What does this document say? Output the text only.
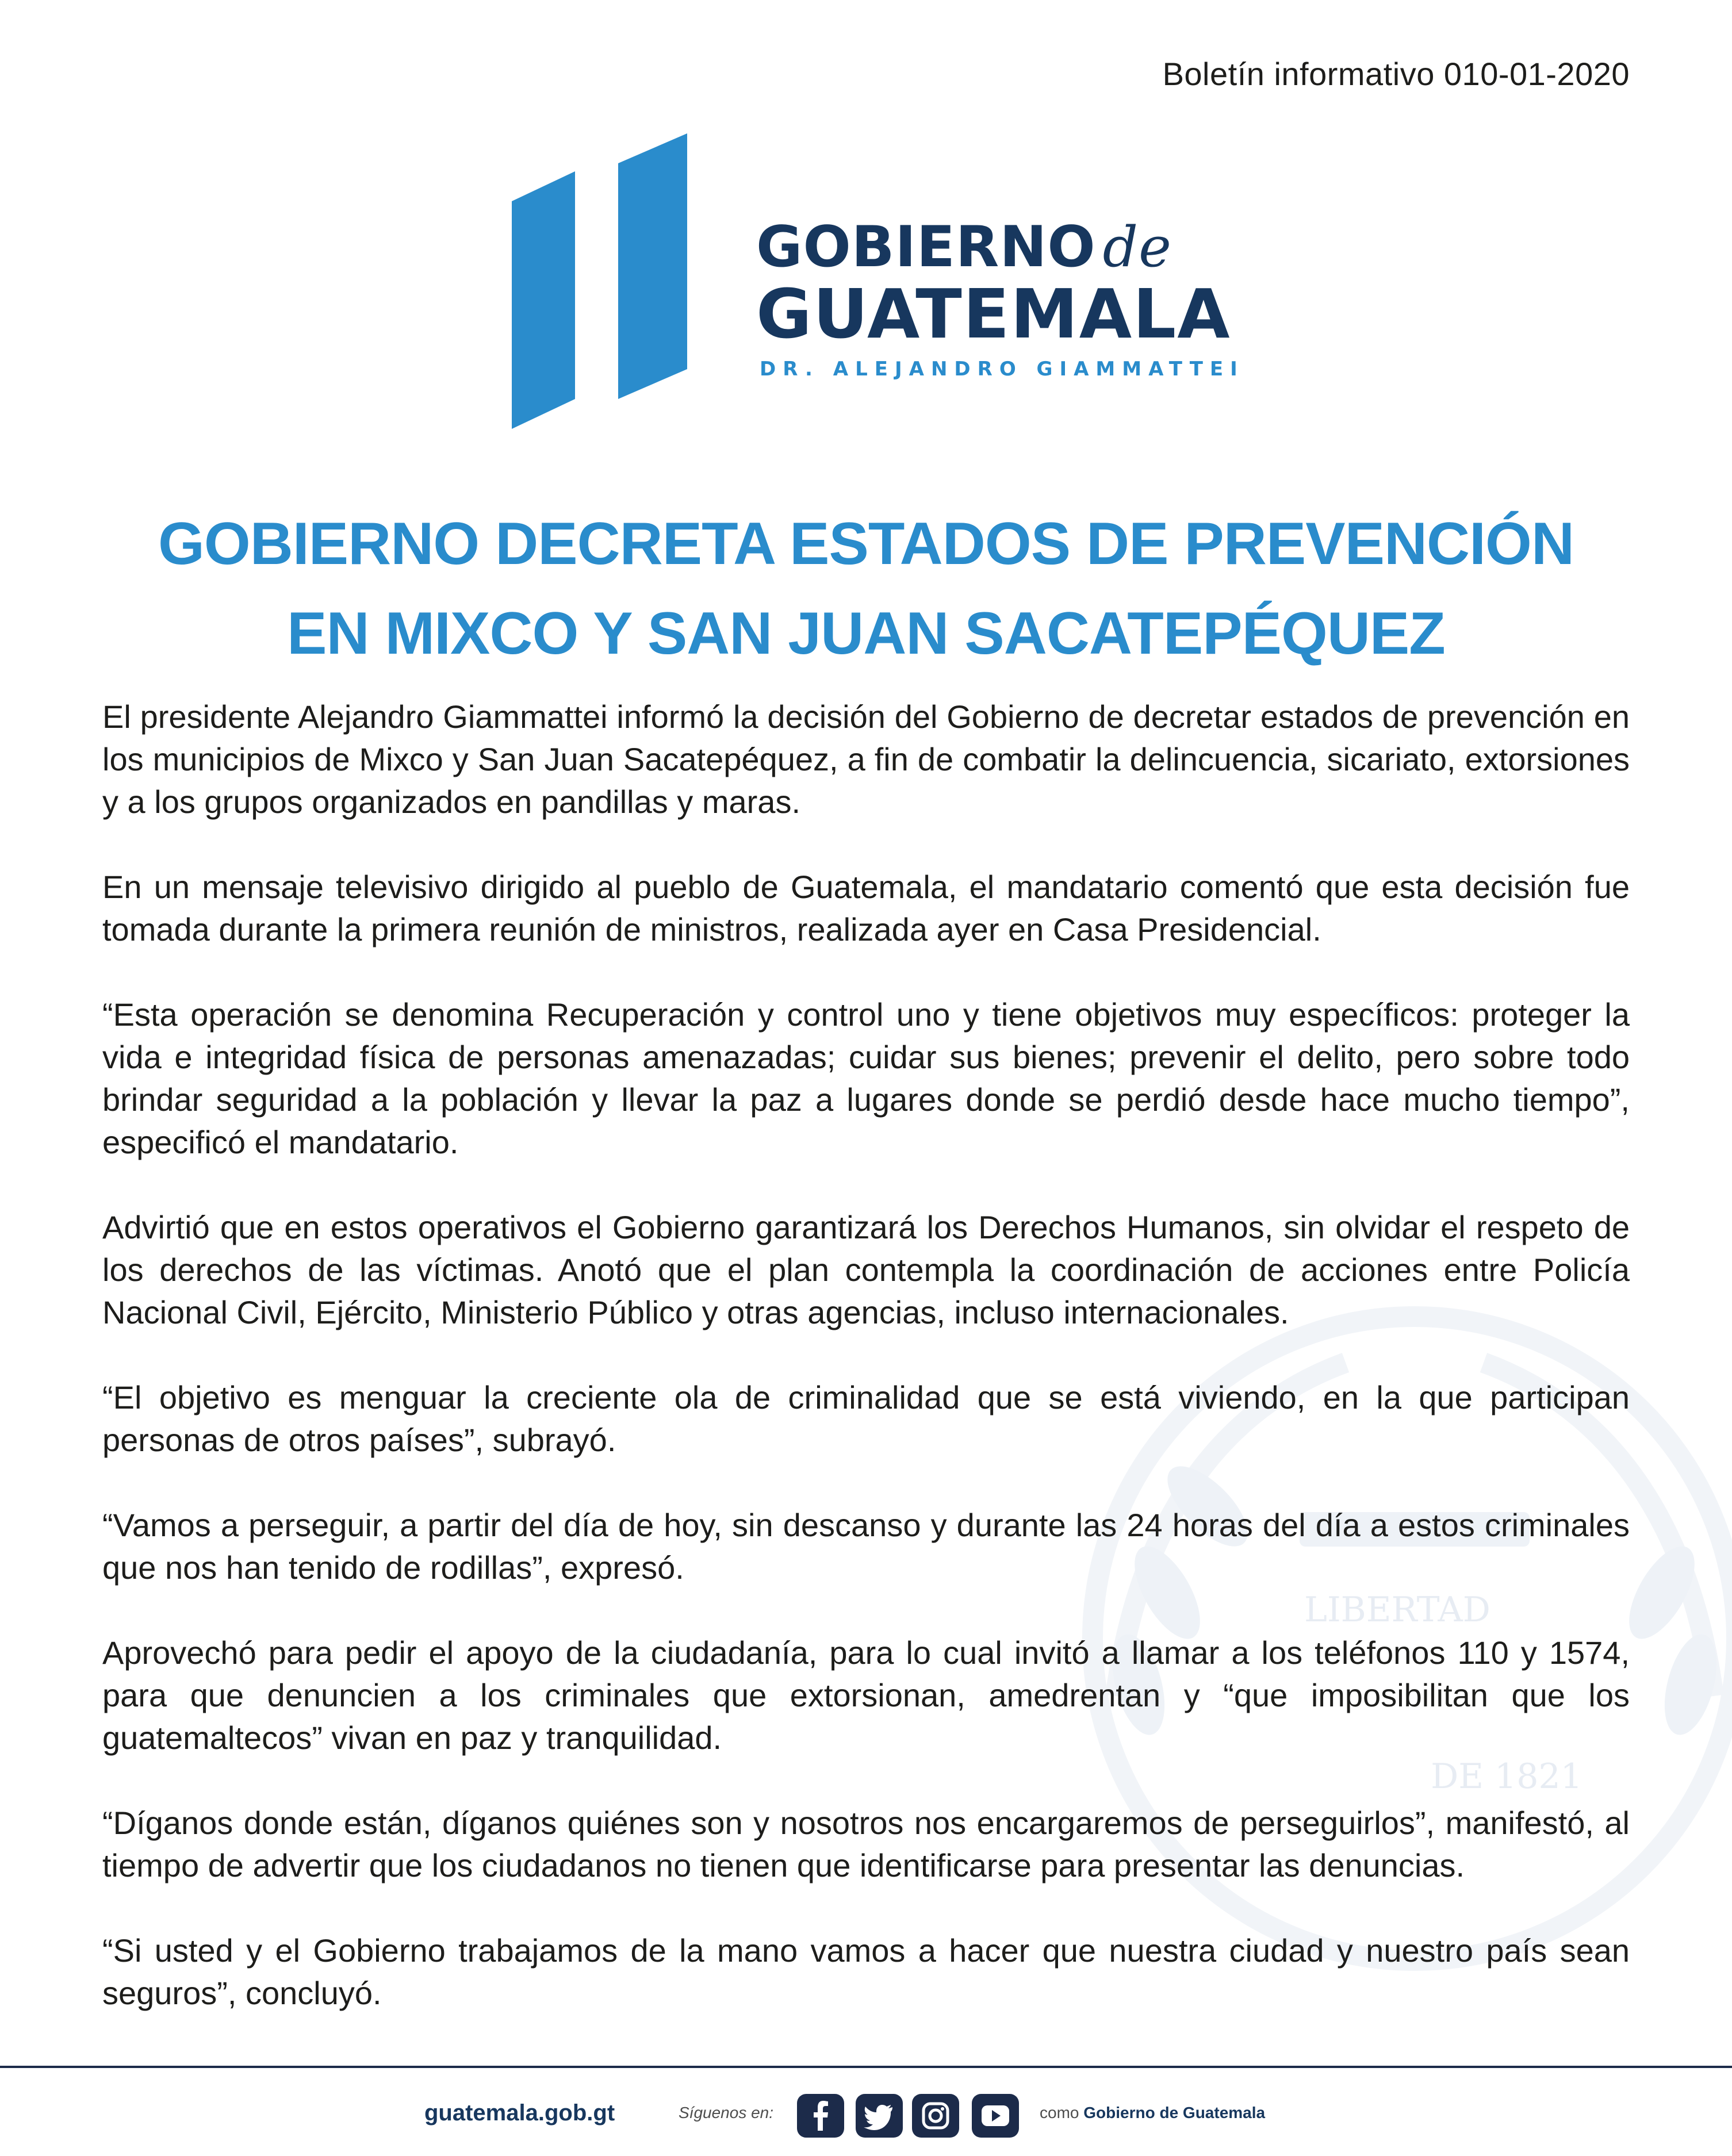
Boletín informativo 010-01-2020
GOBIERNO de
GUATEMALA
DR. ALEJANDRO GIAMMATTEI
LIBERTAD
DE 1821
GOBIERNO DECRETA ESTADOS DE PREVENCIÓN
EN MIXCO Y SAN JUAN SACATEPÉQUEZ

El presidente Alejandro Giammattei informó la decisión del Gobierno de decretar estados de prevención en los municipios de Mixco y San Juan Sacatepéquez, a fin de combatir la delincuencia, sicariato, extorsiones y a los grupos organizados en pandillas y maras.

En un mensaje televisivo dirigido al pueblo de Guatemala, el mandatario comentó que esta decisión fue tomada durante la primera reunión de ministros, realizada ayer en Casa Presidencial.

“Esta operación se denomina Recuperación y control uno y tiene objetivos muy específicos: proteger la vida e integridad física de personas amenazadas; cuidar sus bienes; prevenir el delito, pero sobre todo brindar seguridad a la población y llevar la paz a lugares donde se perdió desde hace mucho tiempo”, especificó el mandatario.

Advirtió que en estos operativos el Gobierno garantizará los Derechos Humanos, sin olvidar el respeto de los derechos de las víctimas. Anotó que el plan contempla la coordinación de acciones entre Policía Nacional Civil, Ejército, Ministerio Público y otras agencias, incluso internacionales.

“El objetivo es menguar la creciente ola de criminalidad que se está viviendo, en la que participan personas de otros países”, subrayó.

“Vamos a perseguir, a partir del día de hoy, sin descanso y durante las 24 horas del día a estos criminales que nos han tenido de rodillas”, expresó.

Aprovechó para pedir el apoyo de la ciudadanía, para lo cual invitó a llamar a los teléfonos 110 y 1574, para que denuncien a los criminales que extorsionan, amedrentan y “que imposibilitan que los guatemaltecos” vivan en paz y tranquilidad.

“Díganos donde están, díganos quiénes son y nosotros nos encargaremos de perseguirlos”, manifestó, al tiempo de advertir que los ciudadanos no tienen que identificarse para presentar las denuncias.

“Si usted y el Gobierno trabajamos de la mano vamos a hacer que nuestra ciudad y nuestro país sean seguros”, concluyó.

guatemala.gob.gt	Síguenos en:	como Gobierno de Guatemala
